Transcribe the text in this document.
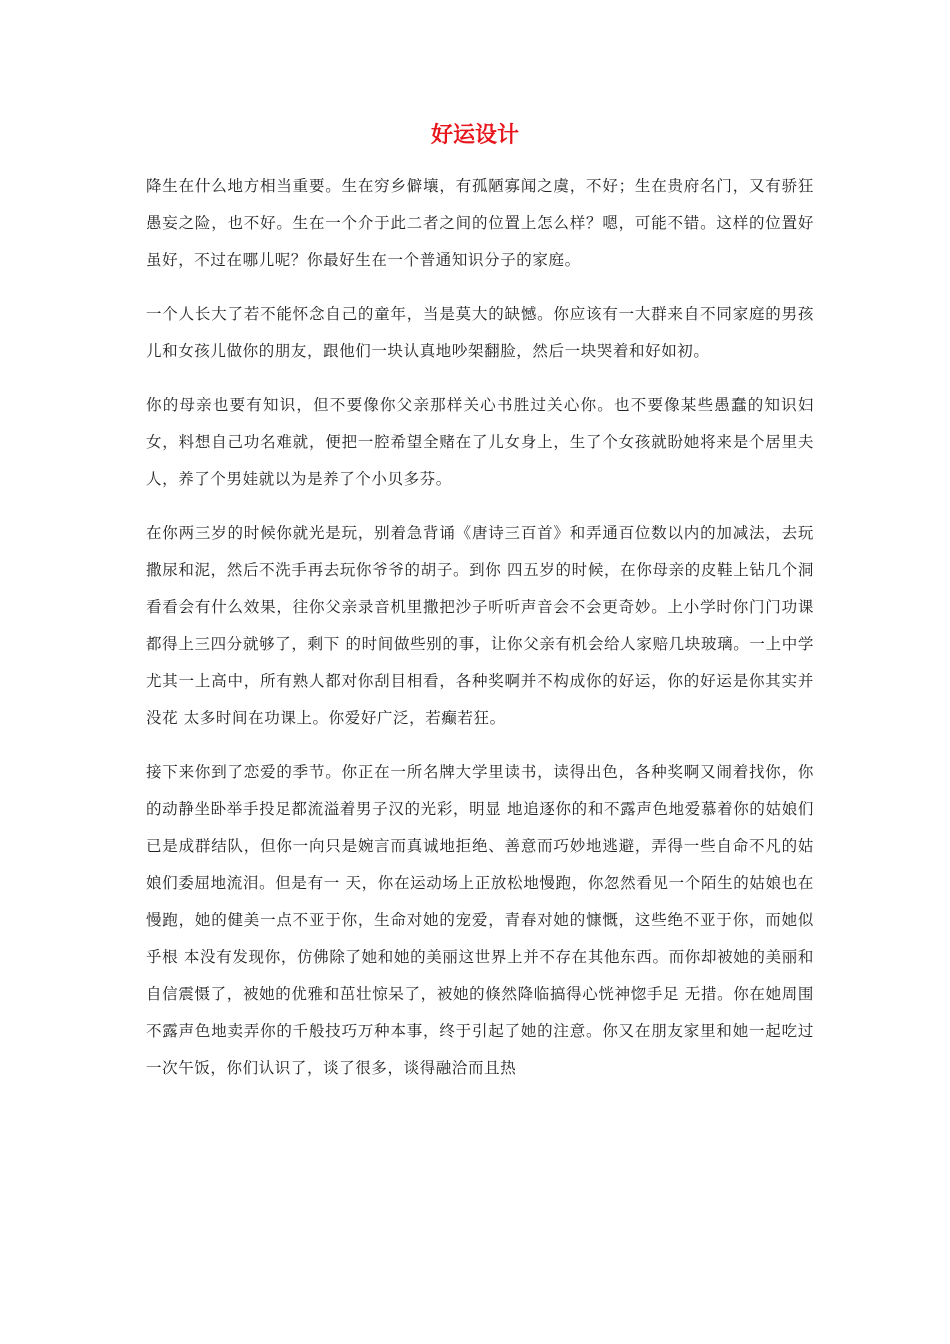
好运设计

降生在什么地方相当重要。生在穷乡僻壤，有孤陋寡闻之虞，不好；生在贵府名门，又有骄狂愚妄之险，也不好。生在一个介于此二者之间的位置上怎么样？嗯，可能不错。这样的位置好虽好，不过在哪儿呢？你最好生在一个普通知识分子的家庭。

一个人长大了若不能怀念自己的童年，当是莫大的缺憾。你应该有一大群来自不同家庭的男孩儿和女孩儿做你的朋友，跟他们一块认真地吵架翻脸，然后一块哭着和好如初。

你的母亲也要有知识，但不要像你父亲那样关心书胜过关心你。也不要像某些愚蠢的知识妇女，料想自己功名难就，便把一腔希望全赌在了儿女身上，生了个女孩就盼她将来是个居里夫人，养了个男娃就以为是养了个小贝多芬。

在你两三岁的时候你就光是玩，别着急背诵《唐诗三百首》和弄通百位数以内的加减法，去玩撒尿和泥，然后不洗手再去玩你爷爷的胡子。到你 四五岁的时候，在你母亲的皮鞋上钻几个洞看看会有什么效果，往你父亲录音机里撒把沙子听听声音会不会更奇妙。上小学时你门门功课都得上三四分就够了，剩下 的时间做些别的事，让你父亲有机会给人家赔几块玻璃。一上中学尤其一上高中，所有熟人都对你刮目相看，各种奖啊并不构成你的好运，你的好运是你其实并没花 太多时间在功课上。你爱好广泛，若癫若狂。

接下来你到了恋爱的季节。你正在一所名牌大学里读书，读得出色，各种奖啊又闹着找你，你的动静坐卧举手投足都流溢着男子汉的光彩，明显 地追逐你的和不露声色地爱慕着你的姑娘们已是成群结队，但你一向只是婉言而真诚地拒绝、善意而巧妙地逃避，弄得一些自命不凡的姑娘们委屈地流泪。但是有一 天，你在运动场上正放松地慢跑，你忽然看见一个陌生的姑娘也在慢跑，她的健美一点不亚于你，生命对她的宠爱，青春对她的慷慨，这些绝不亚于你，而她似乎根 本没有发现你，仿佛除了她和她的美丽这世界上并不存在其他东西。而你却被她的美丽和自信震慑了，被她的优雅和茁壮惊呆了，被她的倏然降临搞得心恍神惚手足 无措。你在她周围不露声色地卖弄你的千般技巧万种本事，终于引起了她的注意。你又在朋友家里和她一起吃过一次午饭，你们认识了，谈了很多，谈得融洽而且热
